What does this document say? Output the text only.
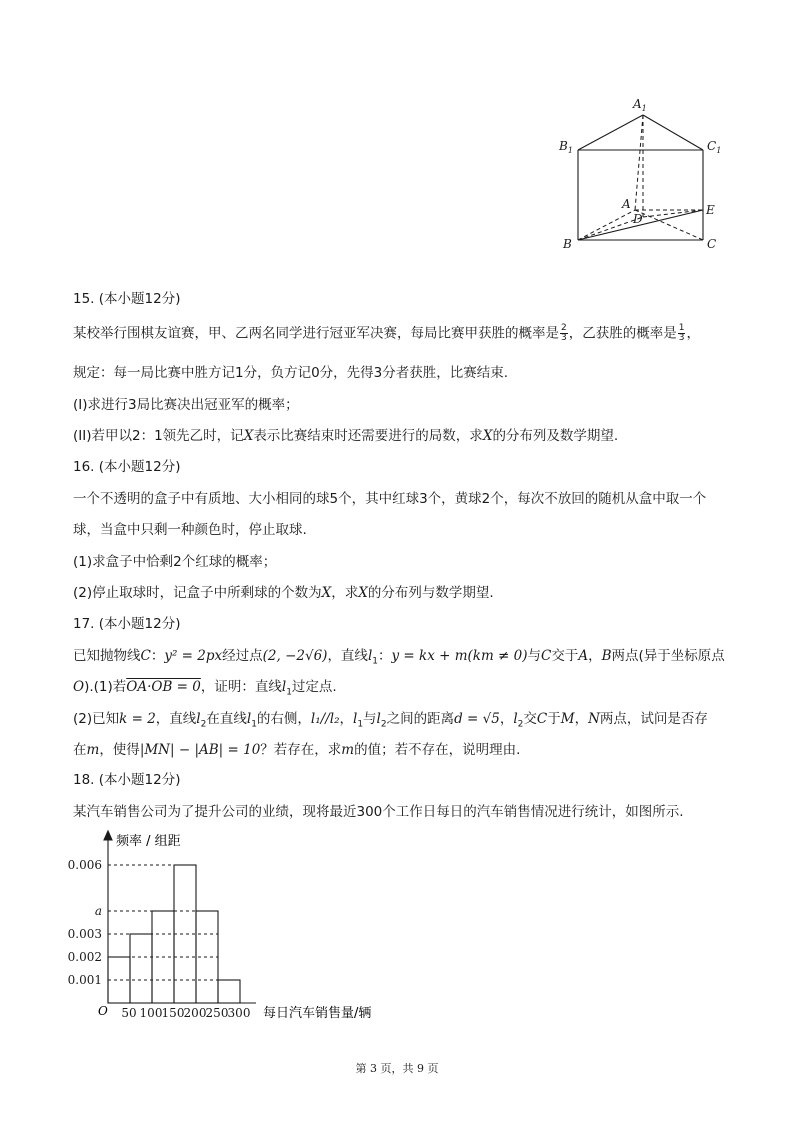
$A_1$
$B_1$	$C_1$
A
D
E
B	C
15. (本小题12分)
某校举行围棋友谊赛，甲、乙两名同学进行冠亚军决赛，每局比赛甲获胜的概率是 $\frac{2}{3}$ ，乙获胜的概率是 $\frac{1}{3}$ ，
规定：每一局比赛中胜方记1分，负方记0分，先得3分者获胜，比赛结束.
(I)求进行3局比赛决出冠亚军的概率；
(II)若甲以2：1领先乙时，记X表示比赛结束时还需要进行的局数，求X的分布列及数学期望.
16. (本小题12分)
一个不透明的盒子中有质地、大小相同的球5个，其中红球3个，黄球2个，每次不放回的随机从盒中取一个
球，当盒中只剩一种颜色时，停止取球.
(1)求盒子中恰剩2个红球的概率；
(2)停止取球时，记盒子中所剩球的个数为X，求X的分布列与数学期望.
17. (本小题12分)
已知抛物线C：y² = 2px经过点(2, −2√6)，直线$l_1$：y = kx + m(km ≠ 0)与C交于A，B两点(异于坐标原点
O).(1)若OA·OB = 0，证明：直线$l_1$过定点.
(2)已知k = 2，直线$l_2$在直线$l_1$的右侧，l₁//l₂，$l_1$与$l_2$之间的距离d = √5，$l_2$交C于M，N两点，试问是否存
在m，使得|MN| − |AB| = 10？若存在，求m的值；若不存在，说明理由.
18. (本小题12分)
某汽车销售公司为了提升公司的业绩，现将最近300个工作日每日的汽车销售情况进行统计，如图所示.
0.006
a
0.003
0.002
0.001
50 100 150 200 250 300
频率 / 组距
每日汽车销售量/辆
O
第 3 页，共 9 页
